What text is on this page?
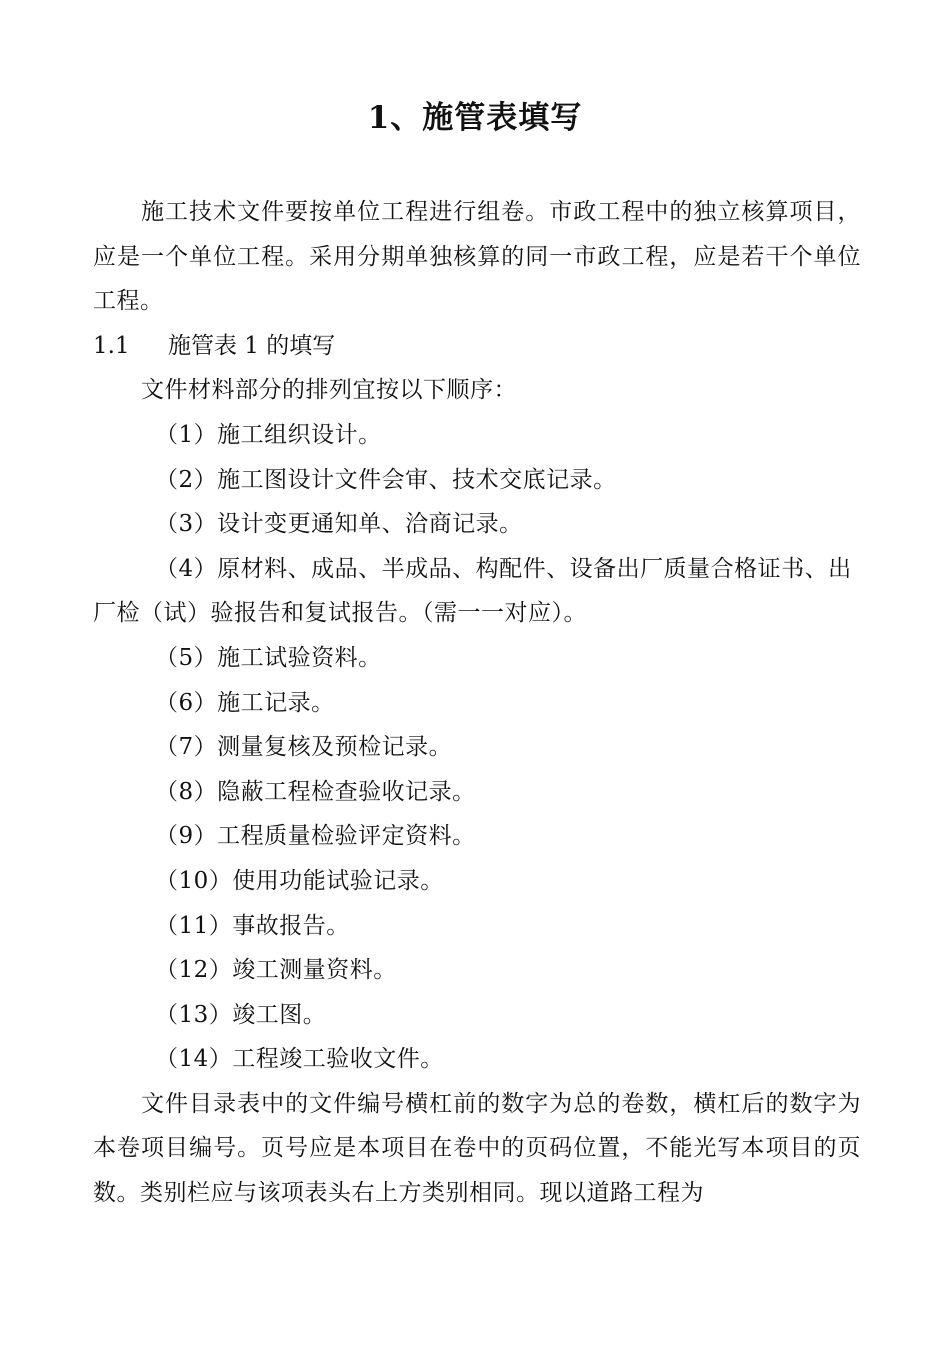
1、施管表填写

施工技术文件要按单位工程进行组卷。市政工程中的独立核算项目，应是一个单位工程。采用分期单独核算的同一市政工程，应是若干个单位工程。

1.1 施管表 1 的填写

文件材料部分的排列宜按以下顺序：

（1）施工组织设计。
（2）施工图设计文件会审、技术交底记录。
（3）设计变更通知单、洽商记录。
（4）原材料、成品、半成品、构配件、设备出厂质量合格证书、出厂检（试）验报告和复试报告。（需一一对应）。
（5）施工试验资料。
（6）施工记录。
（7）测量复核及预检记录。
（8）隐蔽工程检查验收记录。
（9）工程质量检验评定资料。
（10）使用功能试验记录。
（11）事故报告。
（12）竣工测量资料。
（13）竣工图。
（14）工程竣工验收文件。

文件目录表中的文件编号横杠前的数字为总的卷数，横杠后的数字为本卷项目编号。页号应是本项目在卷中的页码位置，不能光写本项目的页数。类别栏应与该项表头右上方类别相同。现以道路工程为
